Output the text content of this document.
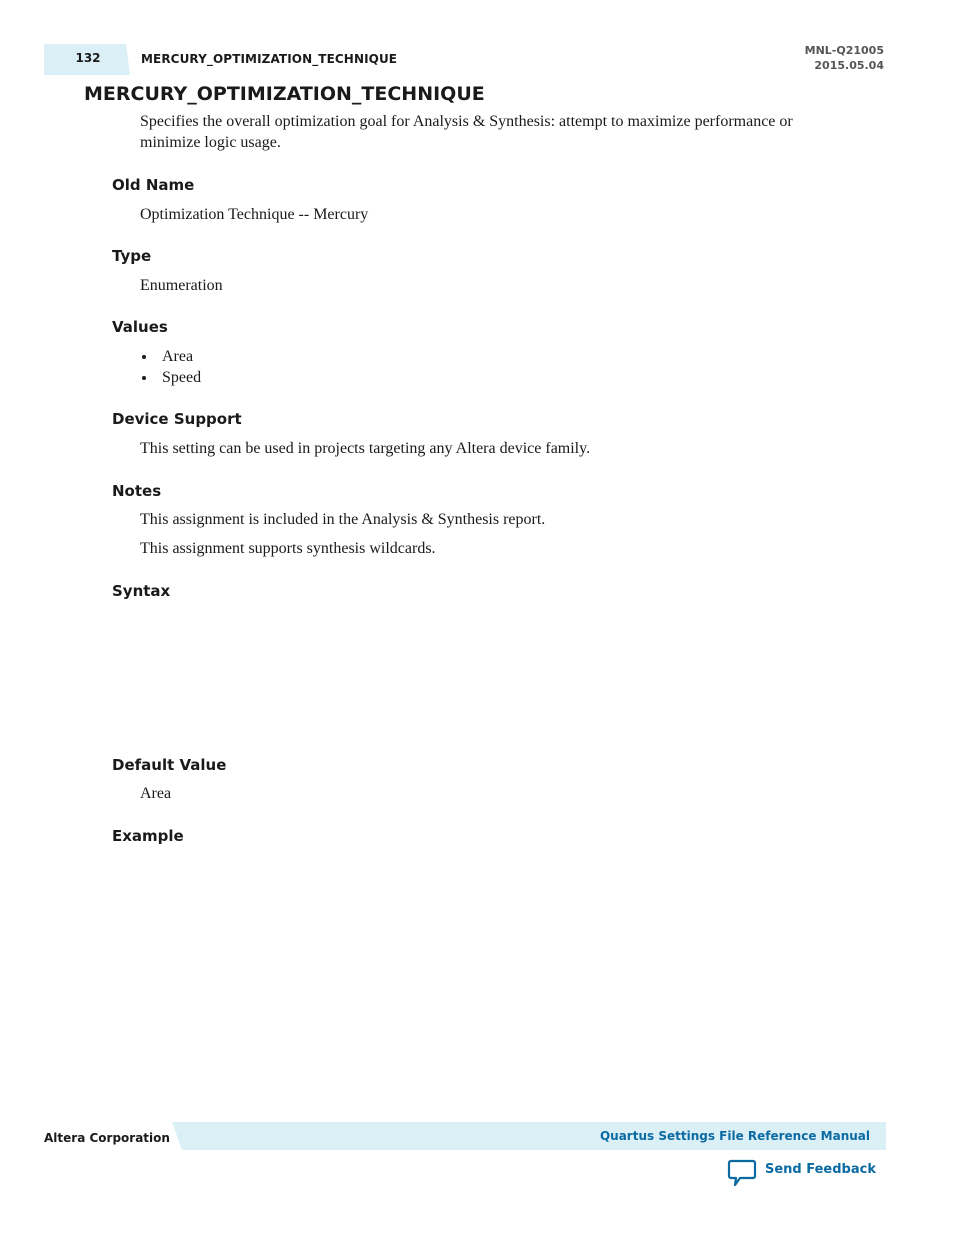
132	MERCURY_OPTIMIZATION_TECHNIQUE
MNL-Q21005
2015.05.04
MERCURY_OPTIMIZATION_TECHNIQUE

Specifies the overall optimization goal for Analysis & Synthesis: attempt to maximize performance or minimize logic usage.

Old Name

Optimization Technique -- Mercury

Type

Enumeration

Values
Area
Speed
Device Support

This setting can be used in projects targeting any Altera device family.

Notes

This assignment is included in the Analysis & Synthesis report.

This assignment supports synthesis wildcards.

Syntax
Default Value

Area

Example
Altera Corporation	Quartus Settings File Reference Manual
Send Feedback
